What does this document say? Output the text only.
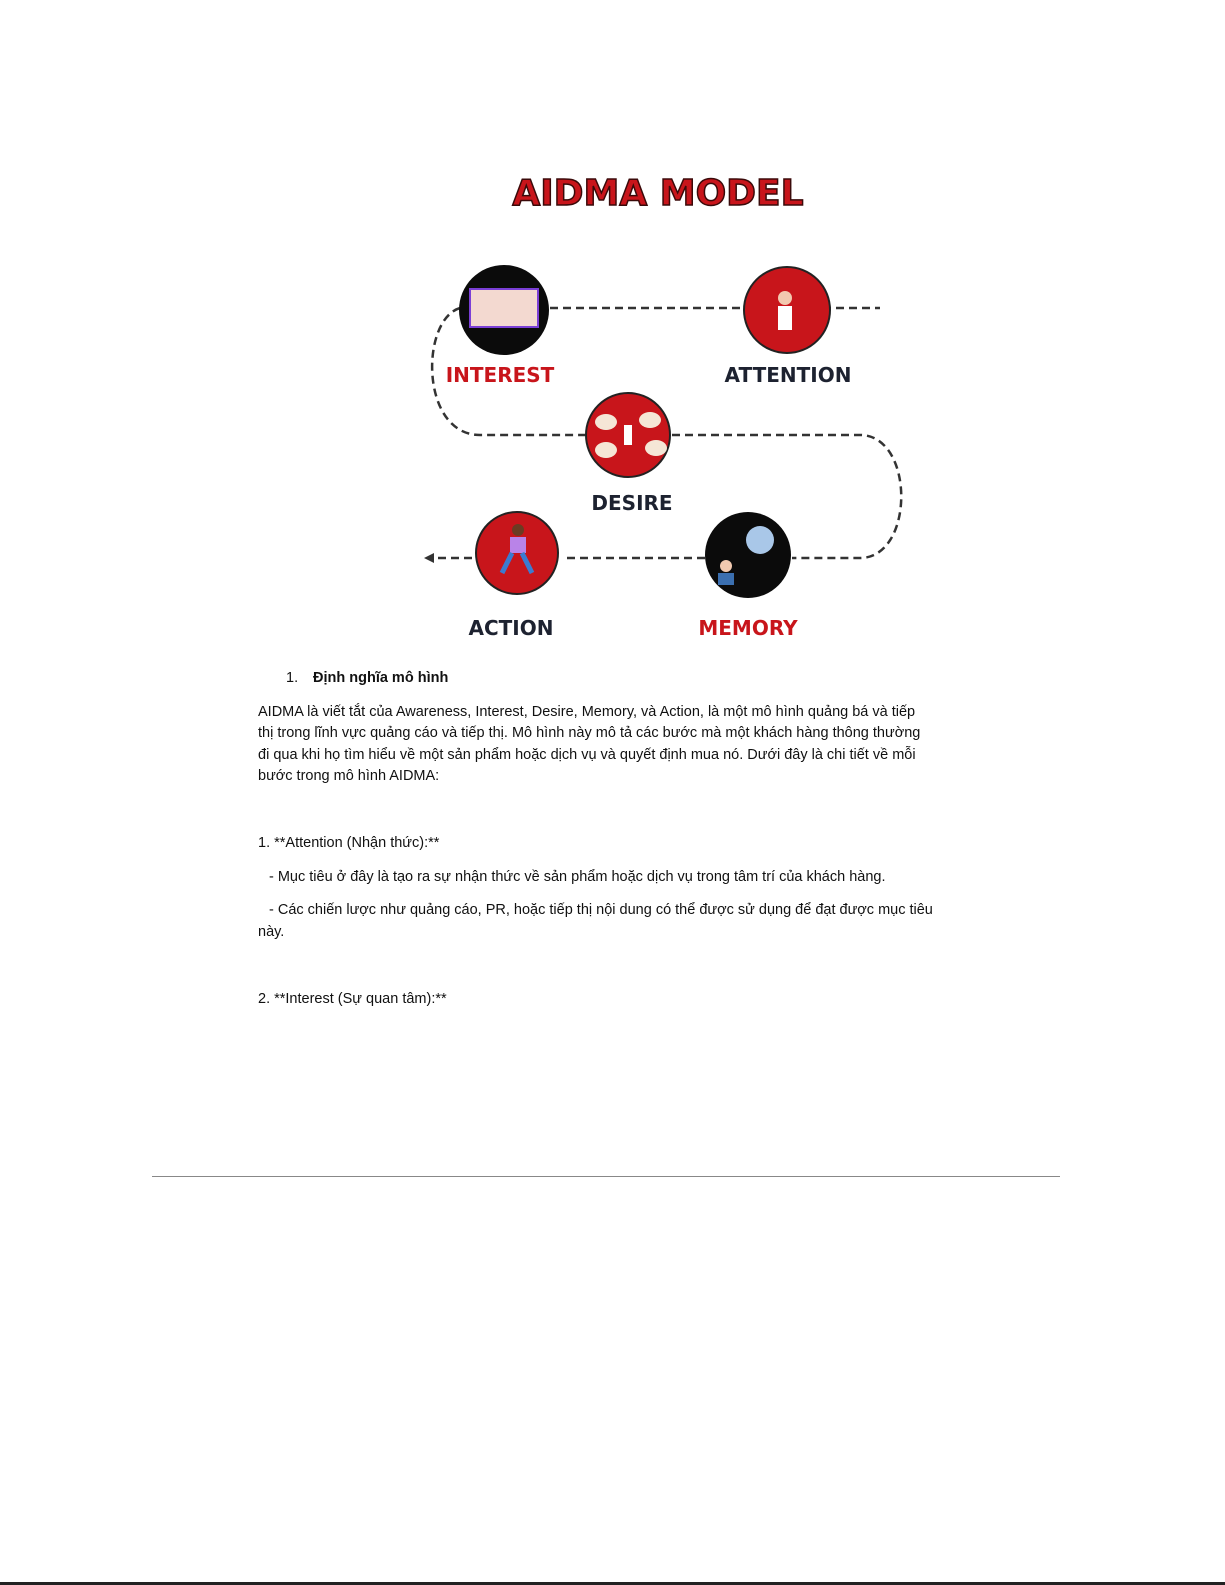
AIDMA MODEL
INTEREST	ATTENTION
DESIRE
ACTION	MEMORY
1. Định nghĩa mô hình
AIDMA là viết tắt của Awareness, Interest, Desire, Memory, và Action, là một mô hình quảng bá và tiếp
thị trong lĩnh vực quảng cáo và tiếp thị. Mô hình này mô tả các bước mà một khách hàng thông thường
đi qua khi họ tìm hiểu về một sản phẩm hoặc dịch vụ và quyết định mua nó. Dưới đây là chi tiết về mỗi
bước trong mô hình AIDMA:
1. **Attention (Nhận thức):**
- Mục tiêu ở đây là tạo ra sự nhận thức về sản phẩm hoặc dịch vụ trong tâm trí của khách hàng.
- Các chiến lược như quảng cáo, PR, hoặc tiếp thị nội dung có thể được sử dụng để đạt được mục tiêu
này.
2. **Interest (Sự quan tâm):**
